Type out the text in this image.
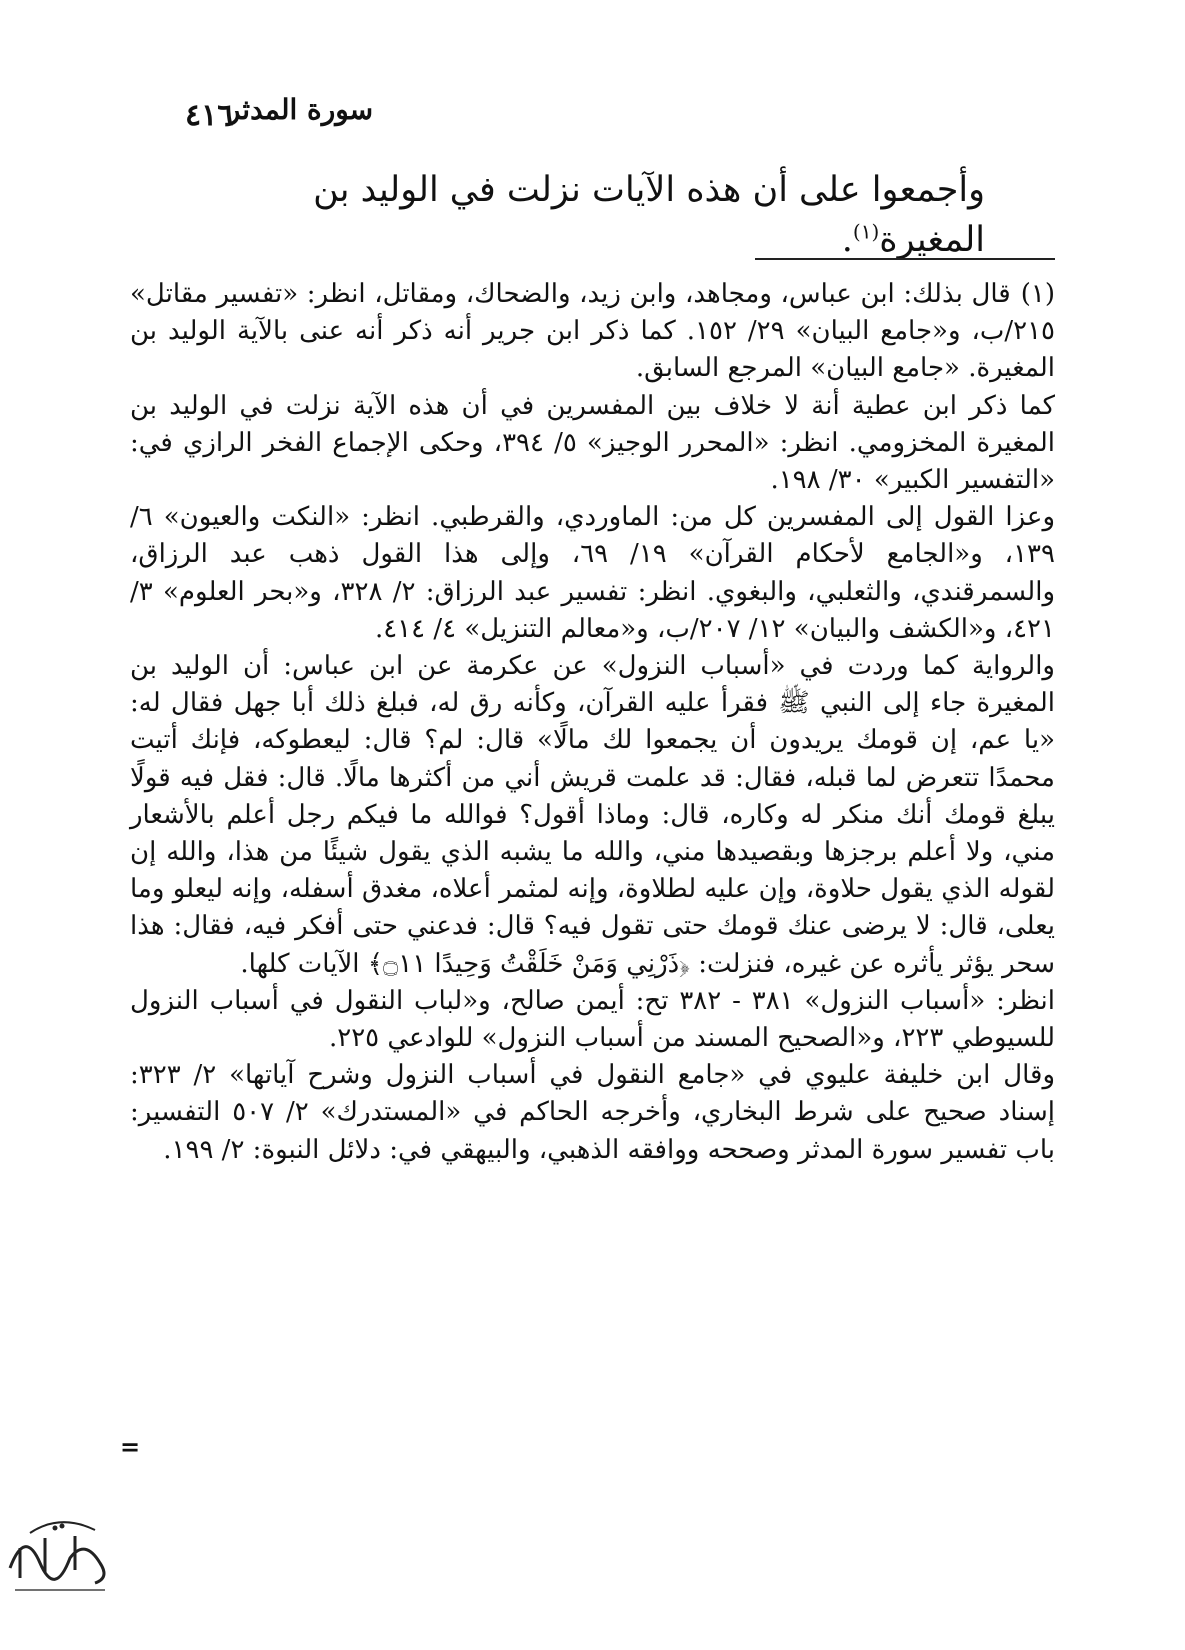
٤١٦
سورة المدثر
وأجمعوا على أن هذه الآيات نزلت في الوليد بن المغيرة$^{(١)}$.

(١)قال بذلك: ابن عباس، ومجاهد، وابن زيد، والضحاك، ومقاتل، انظر: «تفسير مقاتل» ٢١٥/ب، و«جامع البيان» ٢٩/ ١٥٢. كما ذكر ابن جرير أنه ذكر أنه عنى بالآية الوليد بن المغيرة. «جامع البيان» المرجع السابق.

كما ذكر ابن عطية أنة لا خلاف بين المفسرين في أن هذه الآية نزلت في الوليد بن المغيرة المخزومي. انظر: «المحرر الوجيز» ٥/ ٣٩٤، وحكى الإجماع الفخر الرازي في: «التفسير الكبير» ٣٠/ ١٩٨.

وعزا القول إلى المفسرين كل من: الماوردي، والقرطبي. انظر: «النكت والعيون» ٦/ ١٣٩، و«الجامع لأحكام القرآن» ١٩/ ٦٩، وإلى هذا القول ذهب عبد الرزاق، والسمرقندي، والثعلبي، والبغوي. انظر: تفسير عبد الرزاق: ٢/ ٣٢٨، و«بحر العلوم» ٣/ ٤٢١، و«الكشف والبيان» ١٢/ ٢٠٧/ب، و«معالم التنزيل» ٤/ ٤١٤.

والرواية كما وردت في «أسباب النزول» عن عكرمة عن ابن عباس: أن الوليد بن المغيرة جاء إلى النبي ﷺ فقرأ عليه القرآن، وكأنه رق له، فبلغ ذلك أبا جهل فقال له: «يا عم، إن قومك يريدون أن يجمعوا لك مالًا» قال: لم؟ قال: ليعطوكه، فإنك أتيت محمدًا تتعرض لما قبله، فقال: قد علمت قريش أني من أكثرها مالًا. قال: فقل فيه قولًا يبلغ قومك أنك منكر له وكاره، قال: وماذا أقول؟ فوالله ما فيكم رجل أعلم بالأشعار مني، ولا أعلم برجزها وبقصيدها مني، والله ما يشبه الذي يقول شيئًا من هذا، والله إن لقوله الذي يقول حلاوة، وإن عليه لطلاوة، وإنه لمثمر أعلاه، مغدق أسفله، وإنه ليعلو وما يعلى، قال: لا يرضى عنك قومك حتى تقول فيه؟ قال: فدعني حتى أفكر فيه، فقال: هذا سحر يؤثر يأثره عن غيره، فنزلت: ﴿ذَرْنِي وَمَنْ خَلَقْتُ وَحِيدًا ۝١١﴾ الآيات كلها.

انظر: «أسباب النزول» ٣٨١ - ٣٨٢ تح: أيمن صالح، و«لباب النقول في أسباب النزول للسيوطي ٢٢٣، و«الصحيح المسند من أسباب النزول» للوادعي ٢٢٥.

وقال ابن خليفة عليوي في «جامع النقول في أسباب النزول وشرح آياتها» ٢/ ٣٢٣: إسناد صحيح على شرط البخاري، وأخرجه الحاكم في «المستدرك» ٢/ ٥٠٧ التفسير: باب تفسير سورة المدثر وصححه ووافقه الذهبي، والبيهقي في: دلائل النبوة: ٢/ ١٩٩.

=
